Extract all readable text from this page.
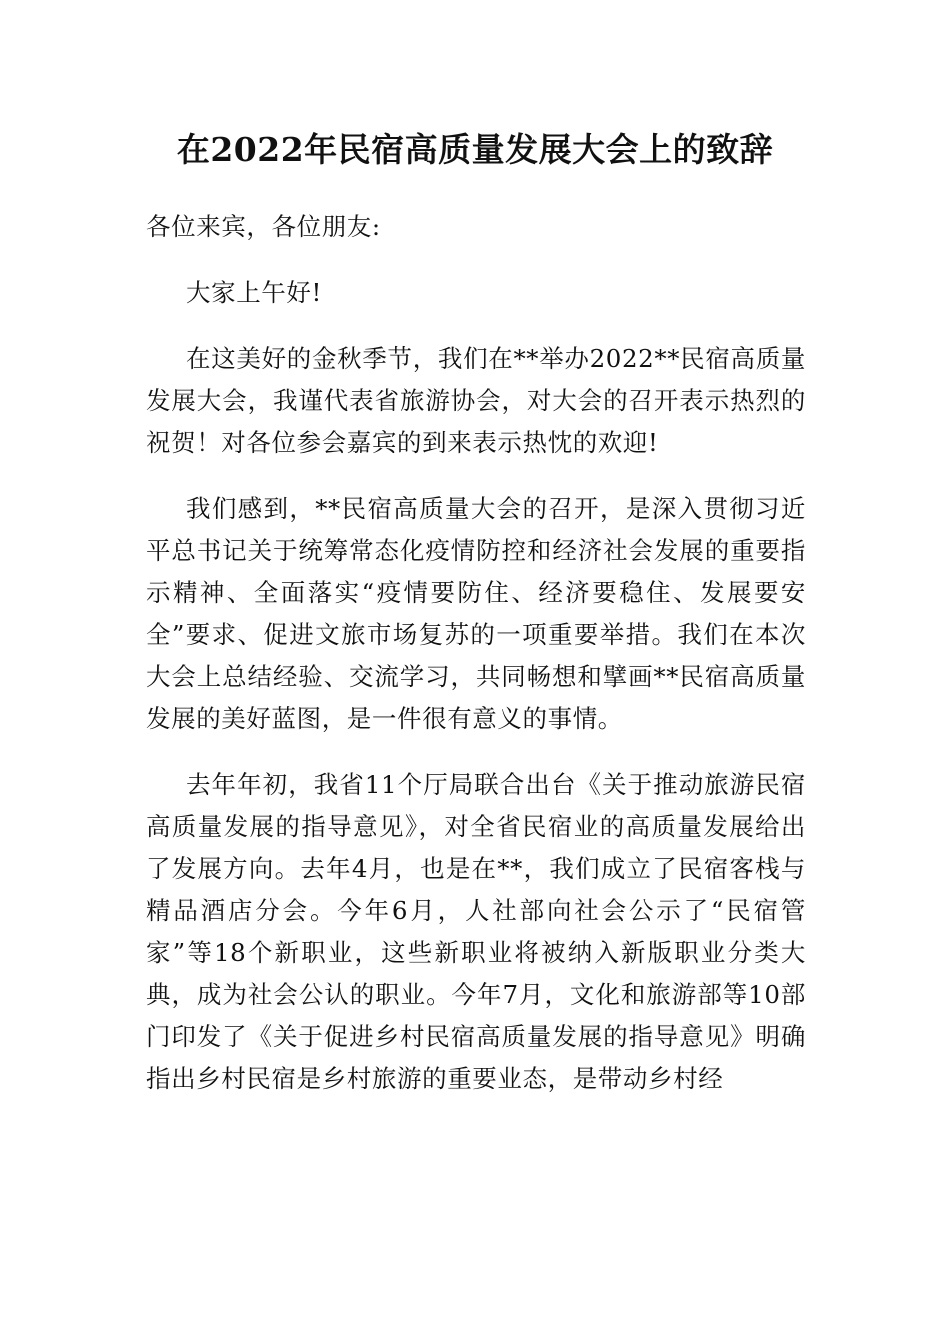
在2022年民宿高质量发展大会上的致辞

各位来宾，各位朋友:

大家上午好!

在这美好的金秋季节，我们在**举办2022**民宿高质量发展大会，我谨代表省旅游协会，对大会的召开表示热烈的祝贺！对各位参会嘉宾的到来表示热忱的欢迎!

我们感到，**民宿高质量大会的召开，是深入贯彻习近平总书记关于统筹常态化疫情防控和经济社会发展的重要指示精神、全面落实“疫情要防住、经济要稳住、发展要安全”要求、促进文旅市场复苏的一项重要举措。我们在本次大会上总结经验、交流学习，共同畅想和擘画**民宿高质量发展的美好蓝图，是一件很有意义的事情。

去年年初，我省11个厅局联合出台《关于推动旅游民宿高质量发展的指导意见》，对全省民宿业的高质量发展给出了发展方向。去年4月，也是在**，我们成立了民宿客栈与精品酒店分会。今年6月，人社部向社会公示了“民宿管家”等18个新职业，这些新职业将被纳入新版职业分类大典，成为社会公认的职业。今年7月，文化和旅游部等10部门印发了《关于促进乡村民宿高质量发展的指导意见》明确指出乡村民宿是乡村旅游的重要业态，是带动乡村经
